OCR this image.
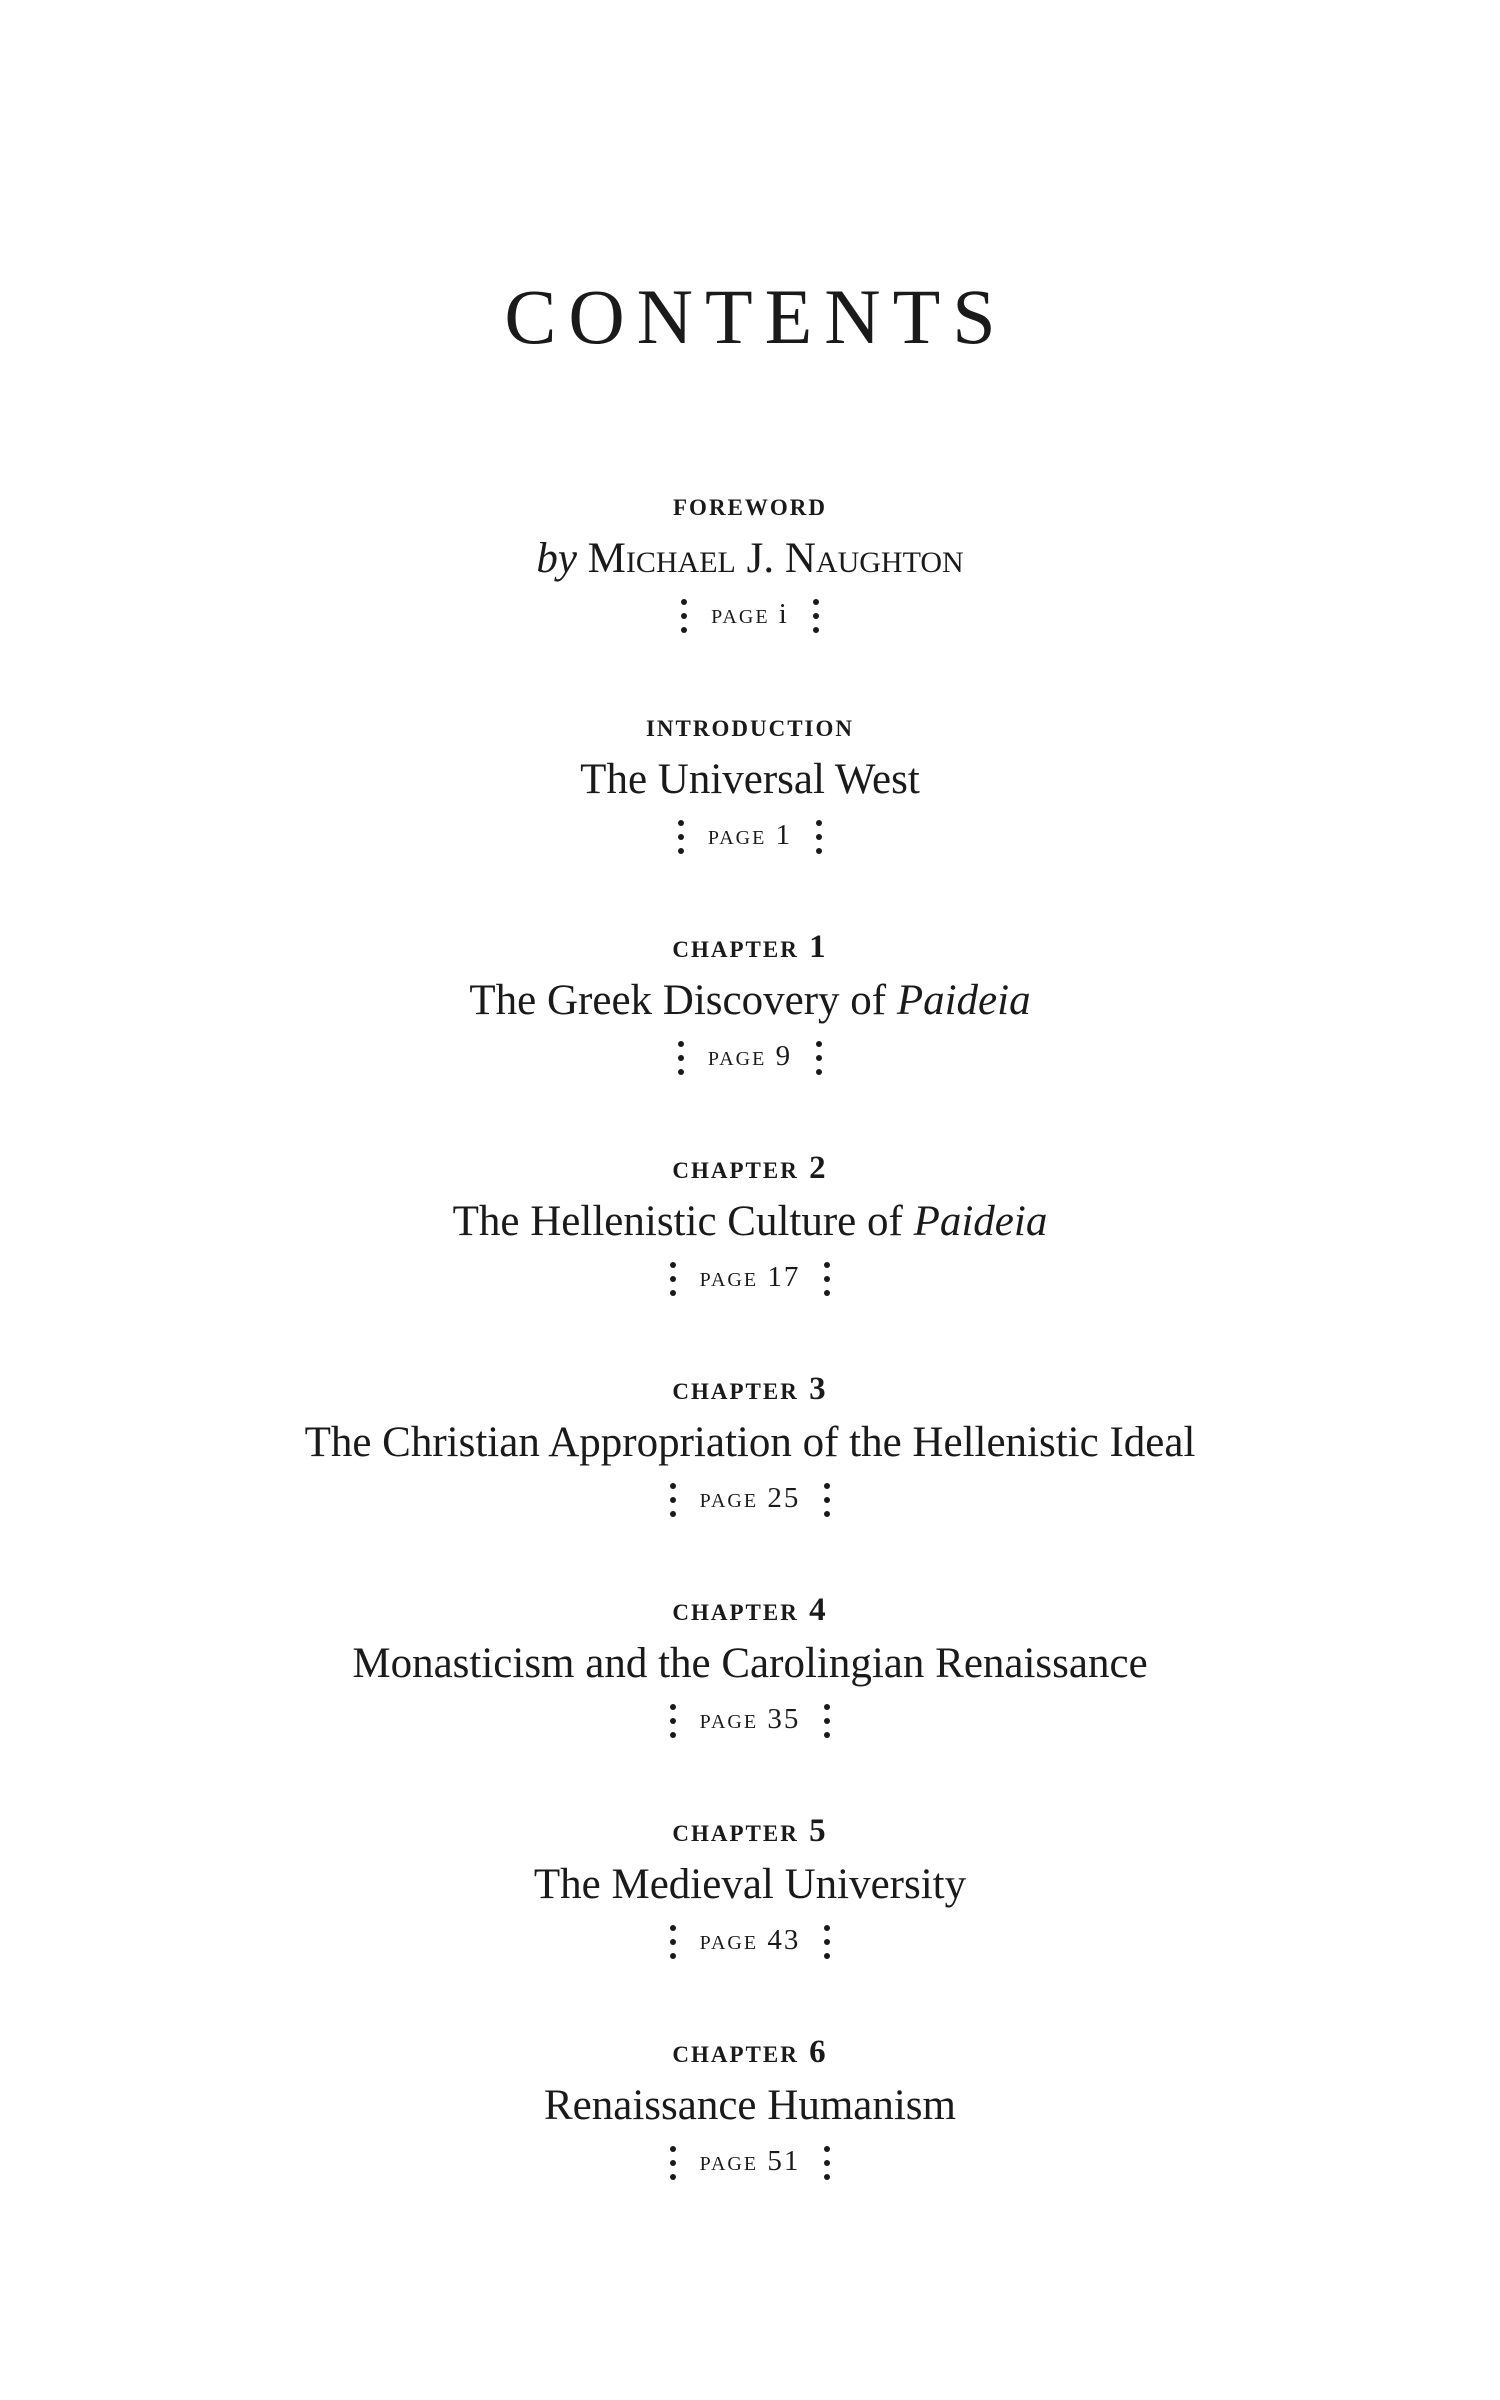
CONTENTS
foreword
by Michael J. Naughton
page i
introduction
The Universal West
page 1
chapter 1
The Greek Discovery of Paideia
page 9
chapter 2
The Hellenistic Culture of Paideia
page 17
chapter 3
The Christian Appropriation of the Hellenistic Ideal
page 25
chapter 4
Monasticism and the Carolingian Renaissance
page 35
chapter 5
The Medieval University
page 43
chapter 6
Renaissance Humanism
page 51
